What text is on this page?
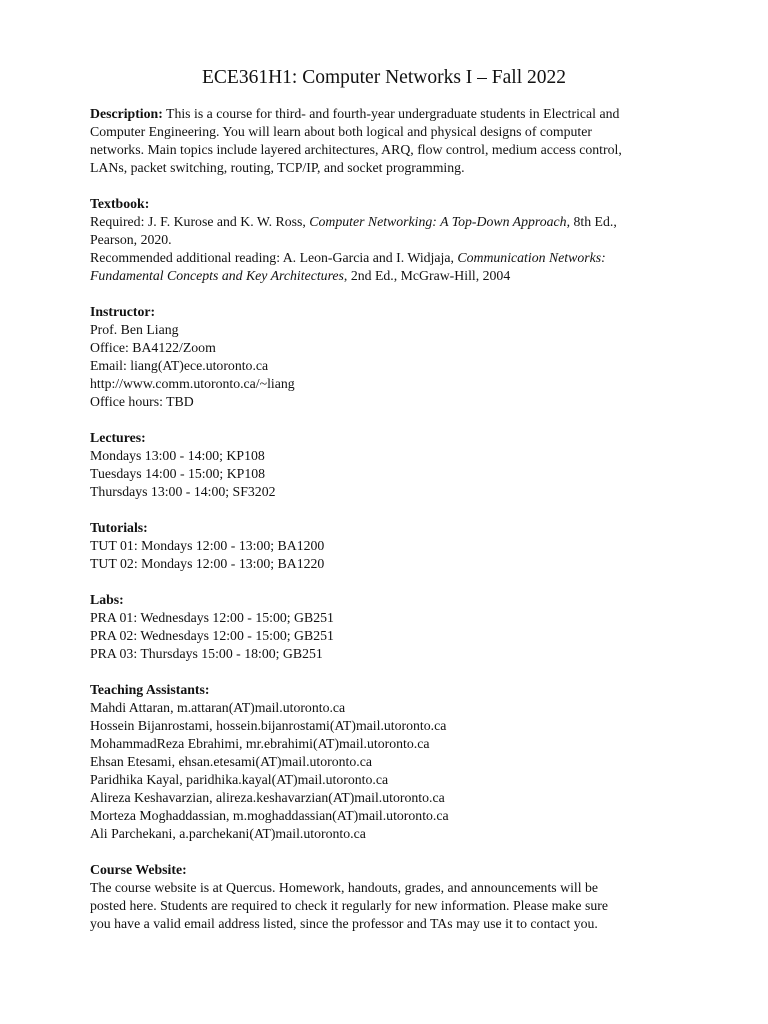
ECE361H1: Computer Networks I – Fall 2022
Description: This is a course for third- and fourth-year undergraduate students in Electrical and
Computer Engineering. You will learn about both logical and physical designs of computer
networks. Main topics include layered architectures, ARQ, flow control, medium access control,
LANs, packet switching, routing, TCP/IP, and socket programming.
Textbook:
Required: J. F. Kurose and K. W. Ross, Computer Networking: A Top-Down Approach, 8th Ed.,
Pearson, 2020.
Recommended additional reading: A. Leon-Garcia and I. Widjaja, Communication Networks:
Fundamental Concepts and Key Architectures, 2nd Ed., McGraw-Hill, 2004
Instructor:
Prof. Ben Liang
Office: BA4122/Zoom
Email: liang(AT)ece.utoronto.ca
http://www.comm.utoronto.ca/~liang
Office hours: TBD
Lectures:
Mondays 13:00 - 14:00; KP108
Tuesdays 14:00 - 15:00; KP108
Thursdays 13:00 - 14:00; SF3202
Tutorials:
TUT 01: Mondays 12:00 - 13:00; BA1200
TUT 02: Mondays 12:00 - 13:00; BA1220
Labs:
PRA 01: Wednesdays 12:00 - 15:00; GB251
PRA 02: Wednesdays 12:00 - 15:00; GB251
PRA 03: Thursdays 15:00 - 18:00; GB251
Teaching Assistants:
Mahdi Attaran, m.attaran(AT)mail.utoronto.ca
Hossein Bijanrostami, hossein.bijanrostami(AT)mail.utoronto.ca
MohammadReza Ebrahimi, mr.ebrahimi(AT)mail.utoronto.ca
Ehsan Etesami, ehsan.etesami(AT)mail.utoronto.ca
Paridhika Kayal, paridhika.kayal(AT)mail.utoronto.ca
Alireza Keshavarzian, alireza.keshavarzian(AT)mail.utoronto.ca
Morteza Moghaddassian, m.moghaddassian(AT)mail.utoronto.ca
Ali Parchekani, a.parchekani(AT)mail.utoronto.ca
Course Website:
The course website is at Quercus. Homework, handouts, grades, and announcements will be
posted here. Students are required to check it regularly for new information. Please make sure
you have a valid email address listed, since the professor and TAs may use it to contact you.
